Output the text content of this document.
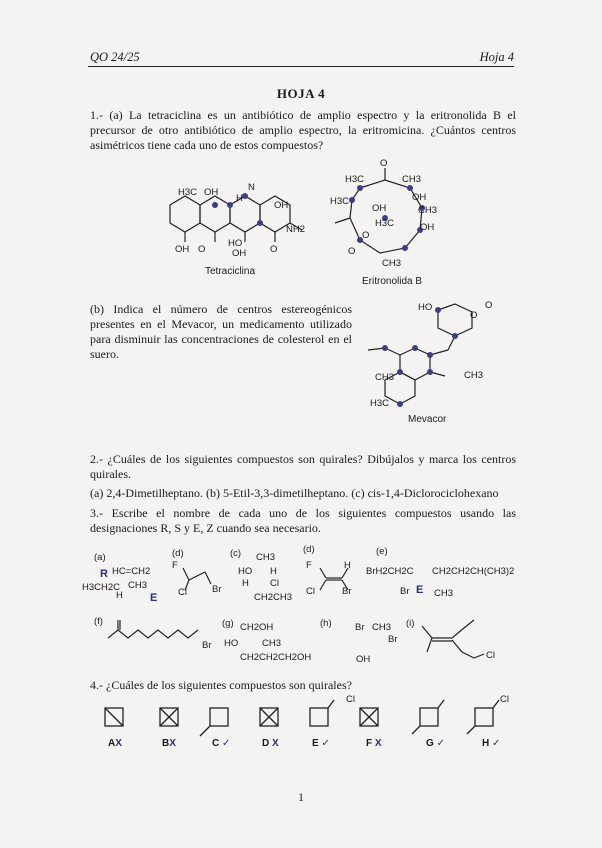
QO 24/25	Hoja 4
HOJA 4
1.- (a) La tetraciclina es un antibiótico de amplio espectro y la eritronolida B el precursor de otro antibiótico de amplio espectro, la eritromicina. ¿Cuántos centros asimétricos tiene cada uno de estos compuestos?
H3C OH
H
N
OH
NH2
OH O
HO
OH	O
Tetraciclina
O
H3C	CH3
H3C
OH
OH
CH3
H3C	OH
O
O
CH3
Eritronolida B
(b) Indica el número de centros estereogénicos presentes en el Mevacor, un medicamento utilizado para disminuir las concentraciones de colesterol en el suero.
HO
O
O
CH3	CH3
H3C
Mevacor
2.- ¿Cuáles de los siguientes compuestos son quirales? Dibújalos y marca los centros quirales.
(a) 2,4-Dimetilheptano. (b) 5-Etil-3,3-dimetilheptano. (c) cis-1,4-Diclorociclohexano
3.- Escribe el nombre de cada uno de los siguientes compuestos usando las designaciones R, S y E, Z cuando sea necesario.
(a)
HC=CH2
H3CH2C
H
CH3
(d)
F
Cl	Br
(c) CH3
HO H
H Cl
CH2CH3
(d)
F	H
Cl	Br
(e)
BrH2CH2C CH2CH2CH(CH3)2
Br	CH3
(f)
Br
(g) CH2OH
HO	CH3
CH2CH2CH2OH
(h) Br CH3
Br
OH
(i)
Cl
E
R
E
4.- ¿Cuáles de los siguientes compuestos son quirales?
Cl	Cl
AX	BX	C ✓	D X	E ✓	F X	G ✓	H ✓
1
